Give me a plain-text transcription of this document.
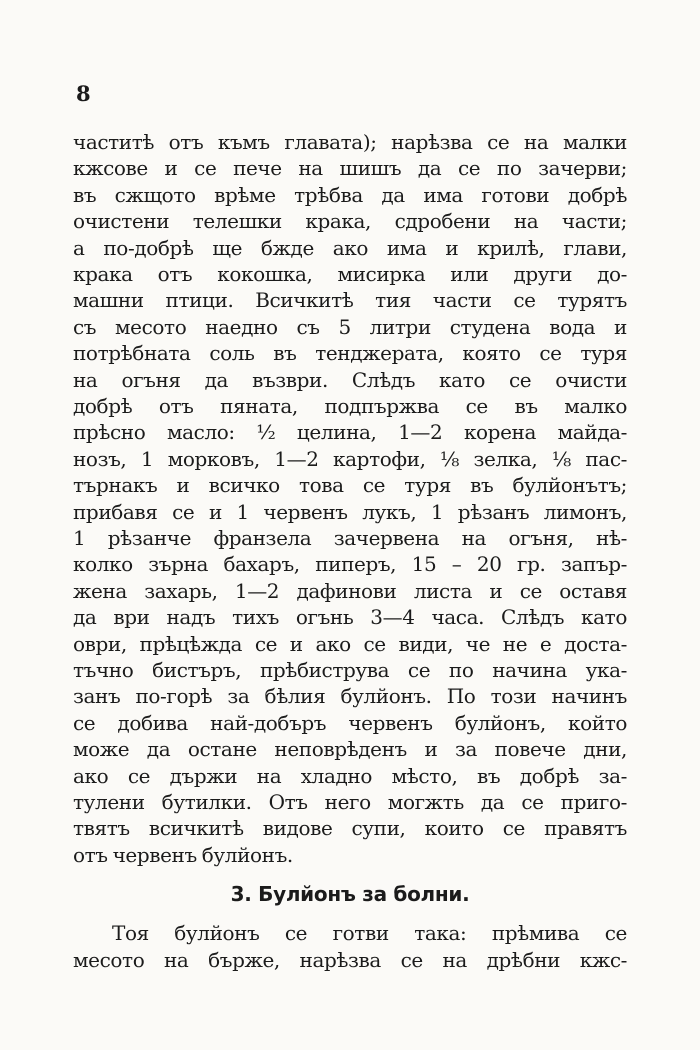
8
частитѣ отъ къмъ главата); нарѣзва се на малки
кжсове и се пече на шишъ да се по зачерви;
въ сжщото врѣме трѣбва да има готови добрѣ
очистени телешки крака, сдробени на части;
а по-добрѣ ще бжде ако има и крилѣ, глави,
крака отъ кокошка, мисирка или други до-
машни птици. Всичкитѣ тия части се турятъ
съ месото наедно съ 5 литри студена вода и
потрѣбната соль въ тенджерата, която се туря
на огъня да възври. Слѣдъ като се очисти
добрѣ отъ пяната, подпържва се въ малко
прѣсно масло: ½ целина, 1—2 корена майда-
нозъ, 1 морковъ, 1—2 картофи, ⅛ зелка, ⅛ пас-
търнакъ и всичко това се туря въ булйонътъ;
прибавя се и 1 червенъ лукъ, 1 рѣзанъ лимонъ,
1 рѣзанче франзела зачервена на огъня, нѣ-
колко зърна бахаръ, пиперъ, 15 – 20 гр. запър-
жена захарь, 1—2 дафинови листа и се оставя
да ври надъ тихъ огънь 3—4 часа. Слѣдъ като
оври, прѣцѣжда се и ако се види, че не е доста-
тъчно бистъръ, прѣбиструва се по начина ука-
занъ по-горѣ за бѣлия булйонъ. По този начинъ
се добива най-добъръ червенъ булйонъ, който
може да остане неповрѣденъ и за повече дни,
ако се държи на хладно мѣсто, въ добрѣ за-
тулени бутилки. Отъ него могжть да се приго-
твятъ всичкитѣ видове супи, които се правятъ
отъ червенъ булйонъ.
3. Булйонъ за болни.
Тоя булйонъ се готви така: прѣмива се
месото на бърже, нарѣзва се на дрѣбни кжс-
